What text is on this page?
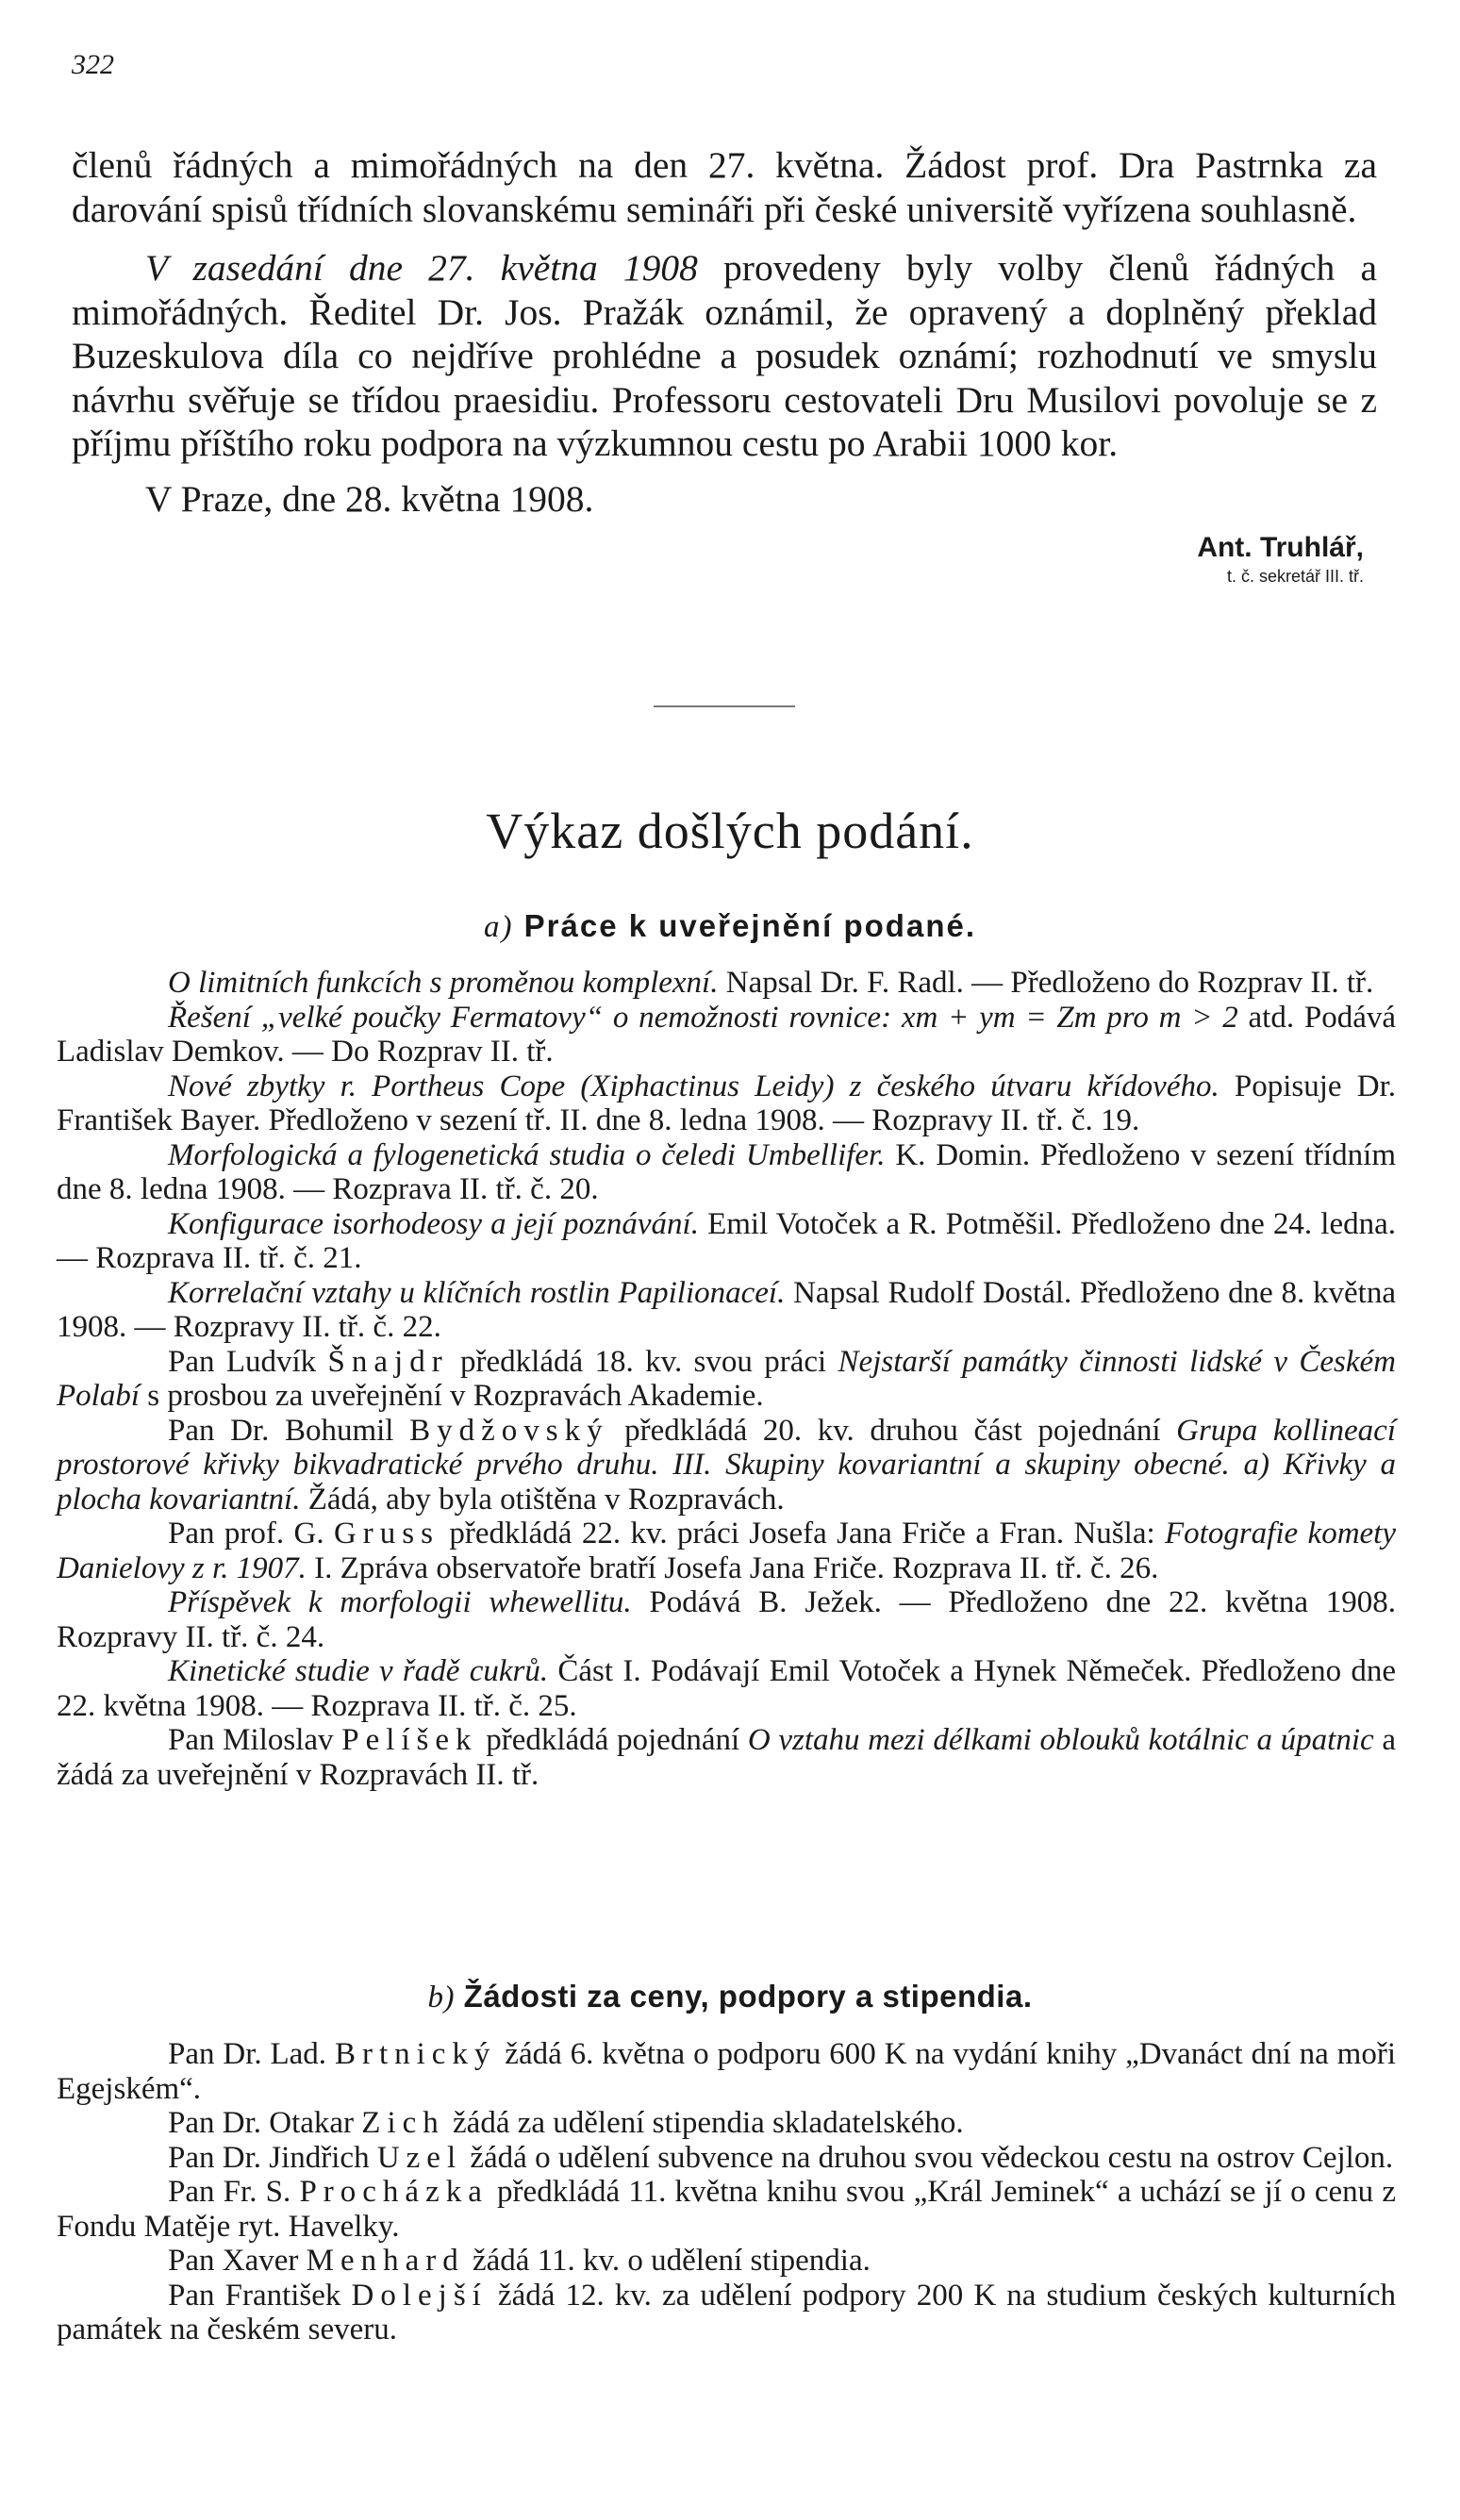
322

členů řádných a mimořádných na den 27. května. Žádost prof. Dra Pastrnka za darování spisů třídních slovanskému semináři při české universitě vyřízena souhlasně.

V zasedání dne 27. května 1908 provedeny byly volby členů řádných a mimořádných. Ředitel Dr. Jos. Pražák oznámil, že opravený a doplněný překlad Buzeskulova díla co nejdříve prohlédne a posudek oznámí; rozhodnutí ve smyslu návrhu svěřuje se třídou praesidiu. Professoru cestovateli Dru Musilovi povoluje se z příjmu příštího roku podpora na výzkumnou cestu po Arabii 1000 kor.

V Praze, dne 28. května 1908.

Ant. Truhlář,

t. č. sekretář III. tř.

Výkaz došlých podání.
a) Práce k uveřejnění podané.

O limitních funkcích s proměnou komplexní. Napsal Dr. F. Radl. — Předloženo do Rozprav II. tř.

Řešení „velké poučky Fermatovy“ o nemožnosti rovnice: xm + ym = Zm pro m > 2 atd. Podává Ladislav Demkov. — Do Rozprav II. tř.

Nové zbytky r. Portheus Cope (Xiphactinus Leidy) z českého útvaru křídového. Popisuje Dr. František Bayer. Předloženo v sezení tř. II. dne 8. ledna 1908. — Rozpravy II. tř. č. 19.

Morfologická a fylogenetická studia o čeledi Umbellifer. K. Domin. Předloženo v sezení třídním dne 8. ledna 1908. — Rozprava II. tř. č. 20.

Konfigurace isorhodeosy a její poznávání. Emil Votoček a R. Potměšil. Předloženo dne 24. ledna. — Rozprava II. tř. č. 21.

Korrelační vztahy u klíčních rostlin Papilionaceí. Napsal Rudolf Dostál. Předloženo dne 8. května 1908. — Rozpravy II. tř. č. 22.

Pan Ludvík Šnajdr předkládá 18. kv. svou práci Nejstarší památky činnosti lidské v Českém Polabí s prosbou za uveřejnění v Rozpravách Akademie.

Pan Dr. Bohumil Bydžovský předkládá 20. kv. druhou část pojednání Grupa kollineací prostorové křivky bikvadratické prvého druhu. III. Skupiny kovariantní a skupiny obecné. a) Křivky a plocha kovariantní. Žádá, aby byla otištěna v Rozpravách.

Pan prof. G. Gruss předkládá 22. kv. práci Josefa Jana Friče a Fran. Nušla: Fotografie komety Danielovy z r. 1907. I. Zpráva observatoře bratří Josefa Jana Friče. Rozprava II. tř. č. 26.

Příspěvek k morfologii whewellitu. Podává B. Ježek. — Předloženo dne 22. května 1908. Rozpravy II. tř. č. 24.

Kinetické studie v řadě cukrů. Část I. Podávají Emil Votoček a Hynek Němeček. Předloženo dne 22. května 1908. — Rozprava II. tř. č. 25.

Pan Miloslav Pelíšek předkládá pojednání O vztahu mezi délkami oblouků kotálnic a úpatnic a žádá za uveřejnění v Rozpravách II. tř.

b) Žádosti za ceny, podpory a stipendia.

Pan Dr. Lad. Brtnický žádá 6. května o podporu 600 K na vydání knihy „Dvanáct dní na moři Egejském“.

Pan Dr. Otakar Zich žádá za udělení stipendia skladatelského.

Pan Dr. Jindřich Uzel žádá o udělení subvence na druhou svou vědeckou cestu na ostrov Cejlon.

Pan Fr. S. Procházka předkládá 11. května knihu svou „Král Jeminek“ a uchází se jí o cenu z Fondu Matěje ryt. Havelky.

Pan Xaver Menhard žádá 11. kv. o udělení stipendia.

Pan František Dolejší žádá 12. kv. za udělení podpory 200 K na studium českých kulturních památek na českém severu.
